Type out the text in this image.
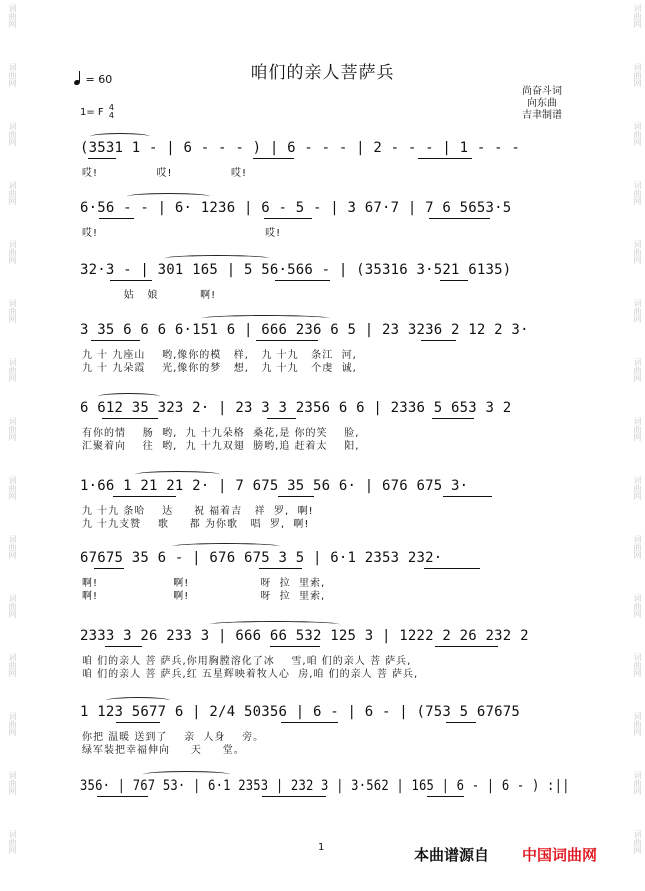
词曲网
词曲网
词曲网
词曲网
词曲网
词曲网
词曲网
词曲网
词曲网
词曲网
词曲网
词曲网
词曲网
词曲网
词曲网
词曲网
词曲网
词曲网
词曲网
词曲网
词曲网
词曲网
词曲网
词曲网
词曲网
词曲网
词曲网
词曲网
词曲网
词曲网
咱们的亲人菩萨兵
= 60
1= F 4
4
尚奋斗词
向东曲
吉聿制谱
(3531 1 - | 6 - - - ) | 6 - - - | 2 - - - | 1 - - -
哎!              哎!              哎!
6·56 - - | 6· 1236 | 6 - 5 - | 3 67·7 | 7 6 5653·5
哎!                                        哎!
32·3 - | 301 165 | 5 56·566 - | (35316 3·521 6135)
姑   娘          啊!
3 35 6 6 6 6·151 6 | 666 236 6 5 | 23 3236 2 12 2 3·
九 十 九座山    哟,像你的模   样,   九 十九   条江  河,
九 十 九朵霞    光,像你的梦   想,   九 十九   个虔  诚,
6 612 35 323 2· | 23 3 3 2356 6 6 | 2336 5 653 3 2
有你的情    肠  哟,  九 十九朵格  桑花,是 你的笑    脸,
汇聚着向    往  哟,  九 十九双翅  膀哟,追 赶着太    阳,
1·66 1 21 21 2· | 7 675 35 56 6· | 676 675 3·
九 十九 条哈    达     祝 福着吉   祥  罗,  啊!
九 十九支赞    歌     都 为你歌   唱  罗,  啊!
67675 35 6 - | 676 675 3 5 | 6·1 2353 232·
啊!                  啊!                 呀  拉  里索,
啊!                  啊!                 呀  拉  里索,
2333 3 26 233 3 | 666 66 532 125 3 | 1222 2 26 232 2
咱 们的亲人 菩 萨兵,你用胸膛溶化了冰    雪,咱 们的亲人 菩 萨兵,
咱 们的亲人 菩 萨兵,红 五星辉映着牧人心  房,咱 们的亲人 菩 萨兵,
1 123 5677 6 | 2/4 50356 | 6 - | 6 - | (753 5 67675
你把 温暖 送到了    亲  人身    旁。
绿军装把幸福伸向     天     堂。
356· | 767 53· | 6·1 2353 | 232 3 | 3·562 | 165 | 6 - | 6 - ) :||
1	本曲谱源自 中国词曲网
